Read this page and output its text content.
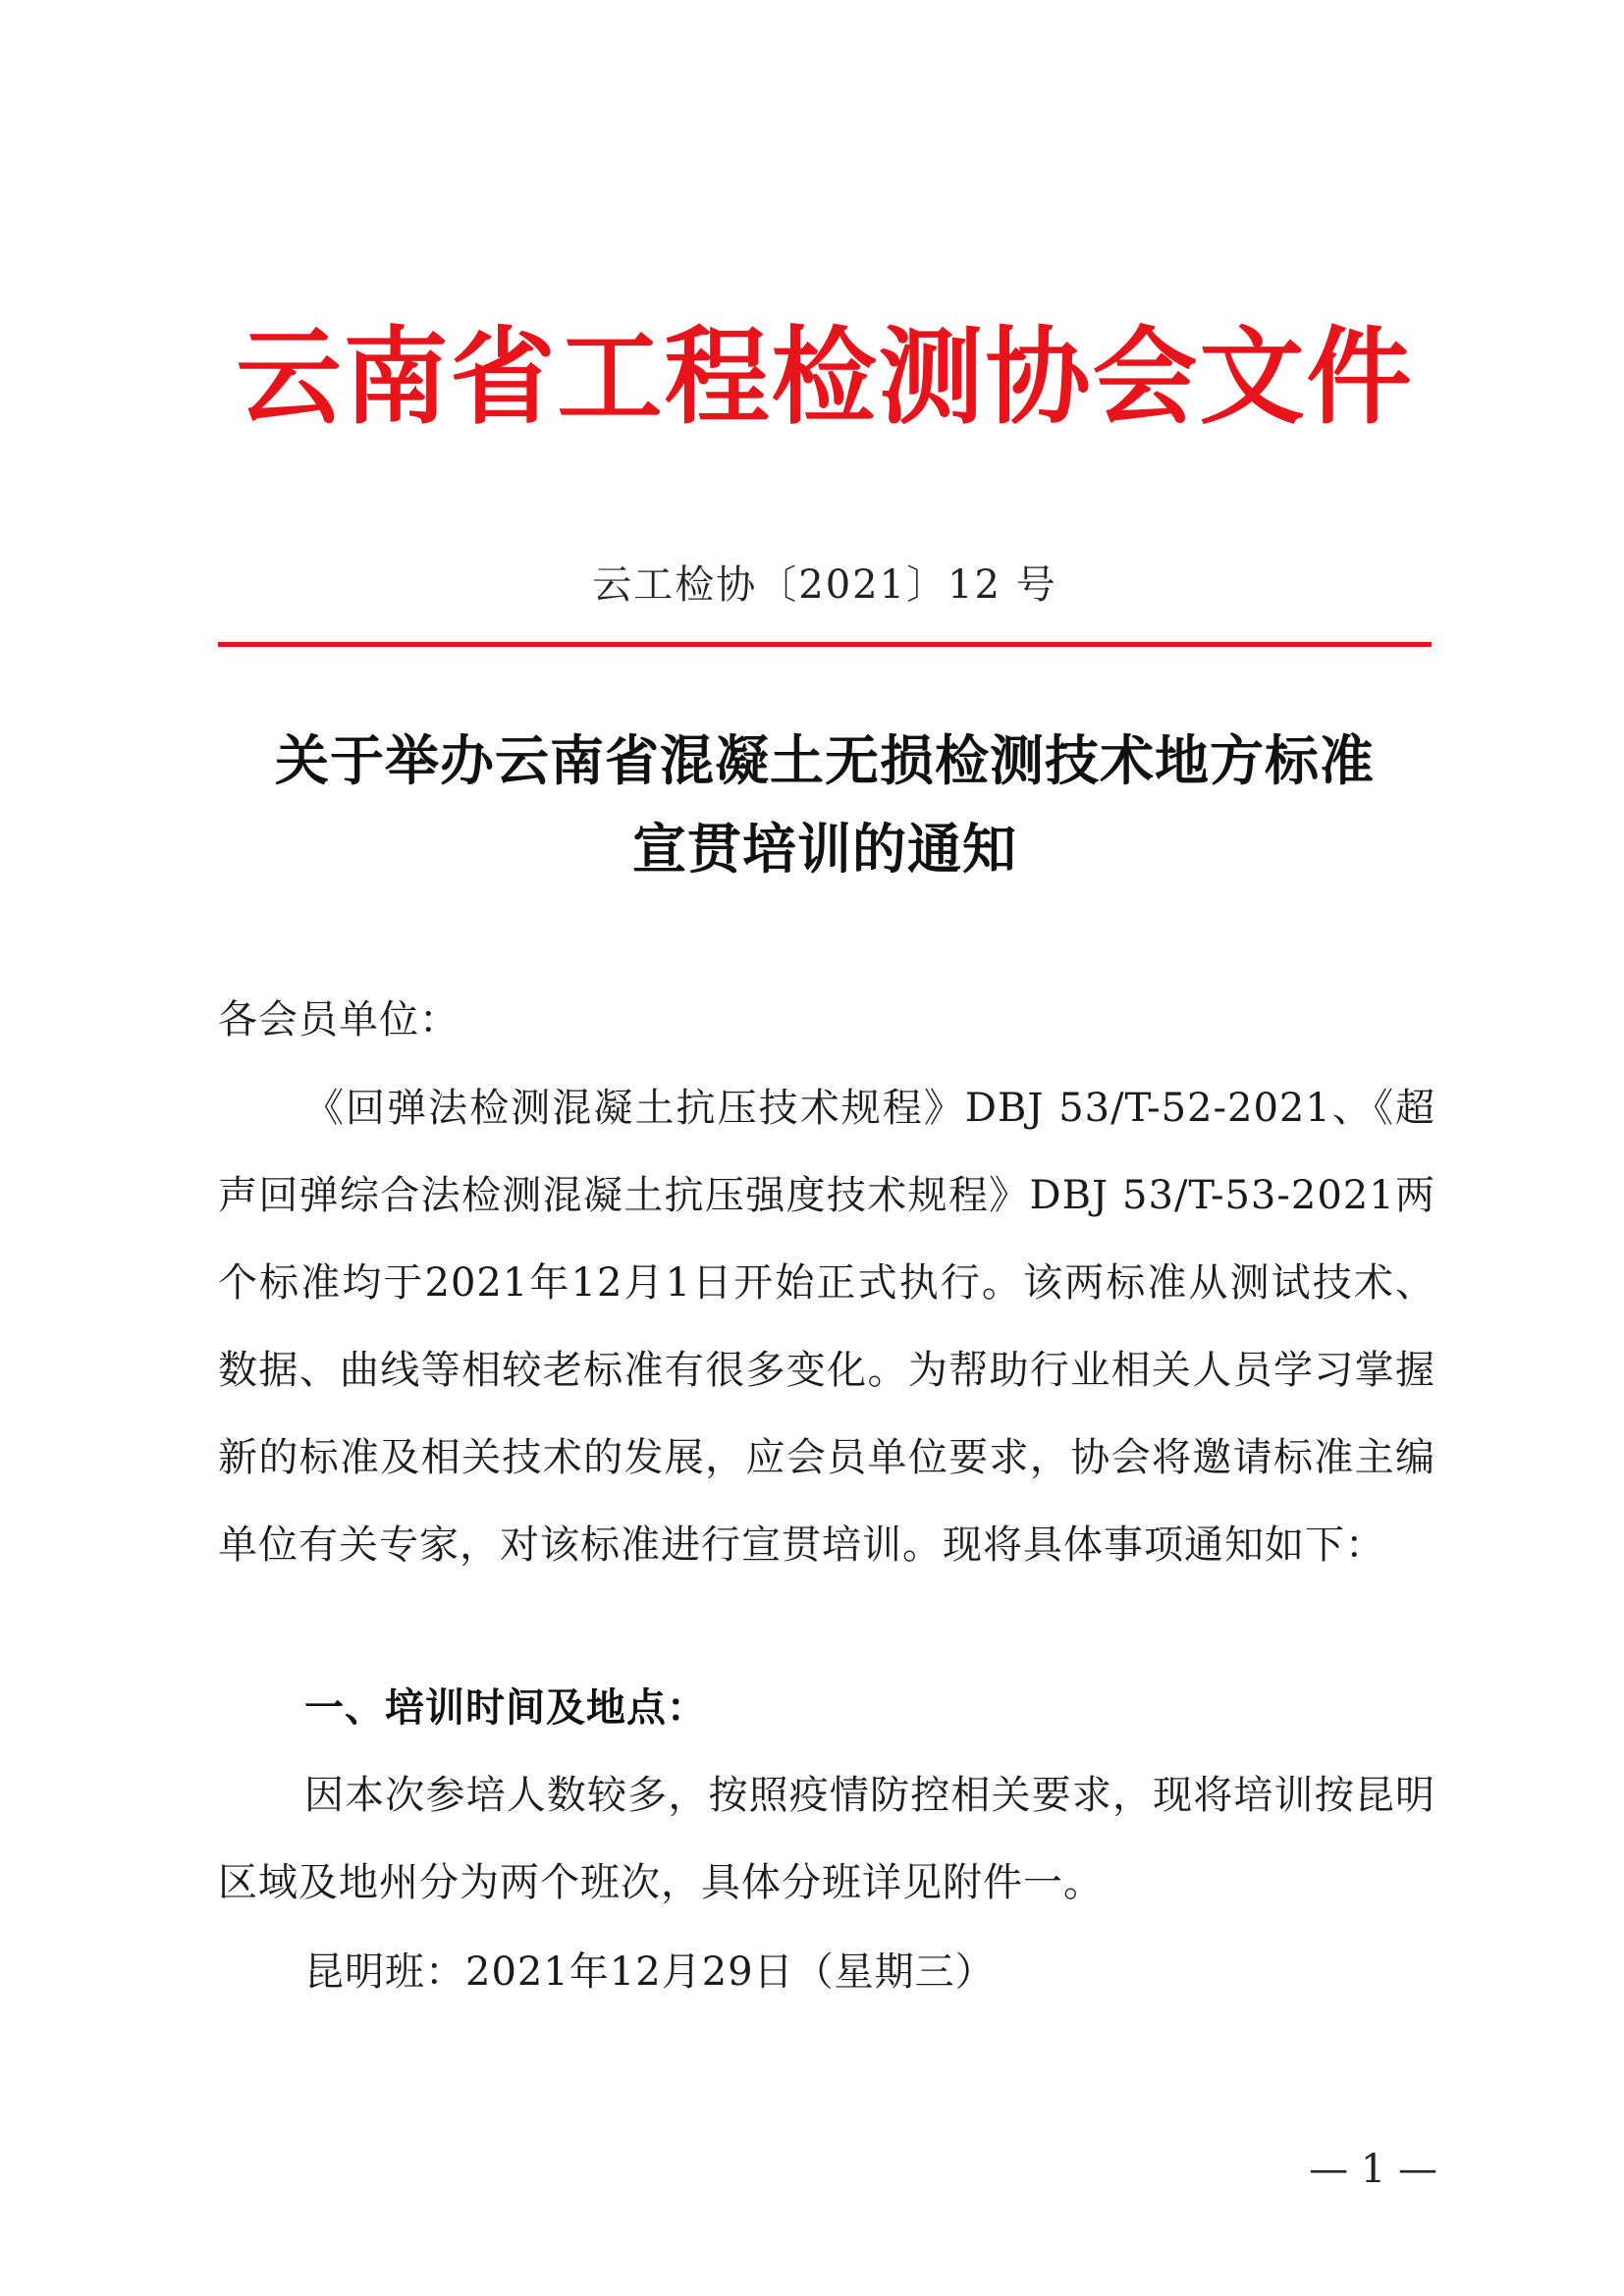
云南省工程检测协会文件
云工检协〔2021〕12 号
关于举办云南省混凝土无损检测技术地方标准
宣贯培训的通知
各会员单位：
《回弹法检测混凝土抗压技术规程》DBJ 53/T-52-2021、《超声回弹综合法检测混凝土抗压强度技术规程》DBJ 53/T-53-2021两个标准均于2021年12月1日开始正式执行。该两标准从测试技术、数据、曲线等相较老标准有很多变化。为帮助行业相关人员学习掌握新的标准及相关技术的发展，应会员单位要求，协会将邀请标准主编单位有关专家，对该标准进行宣贯培训。现将具体事项通知如下：
一、培训时间及地点：
因本次参培人数较多，按照疫情防控相关要求，现将培训按昆明区域及地州分为两个班次，具体分班详见附件一。
昆明班：2021年12月29日（星期三）
— 1 —
